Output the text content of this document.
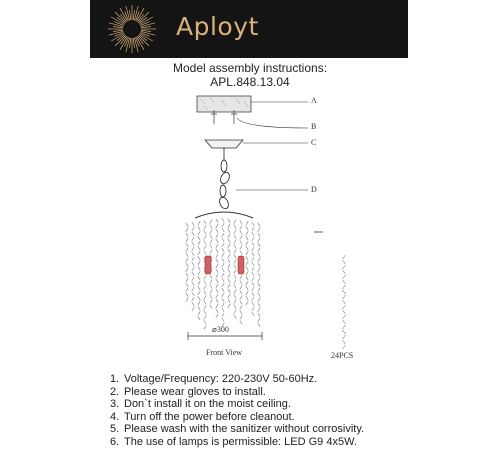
Aployt
Model assembly instructions:
APL.848.13.04
A
B
C
D
⌀300
Front View	24PCS
1. Voltage/Frequency: 220-230V 50-60Hz.
2. Please wear gloves to install.
3. Don`t install it on the moist ceiling.
4. Turn off the power before cleanout.
5. Please wash with the sanitizer without corrosivity.
6. The use of lamps is permissible: LED G9 4x5W.
